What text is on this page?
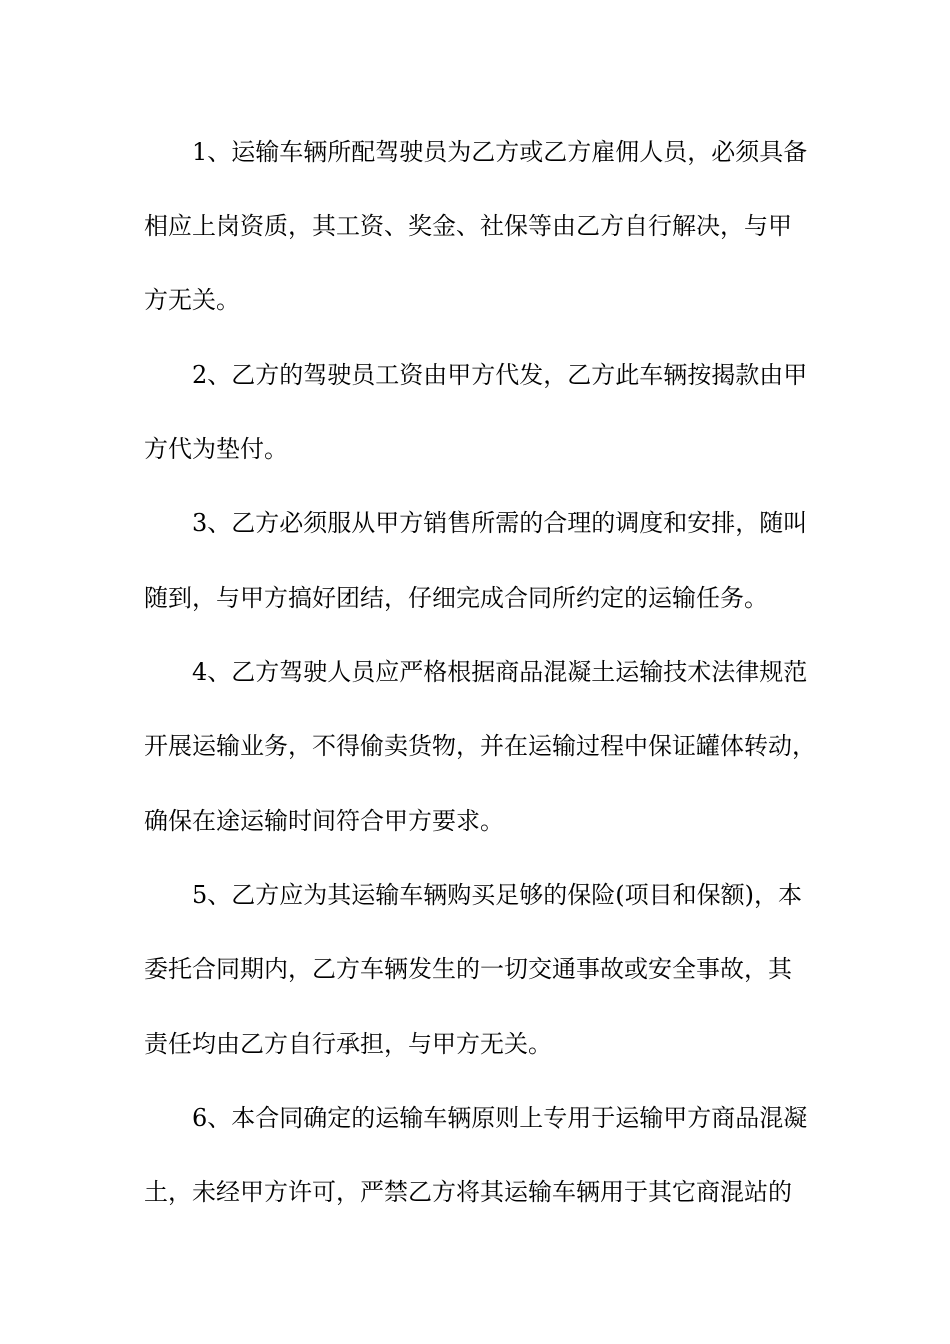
1、运输车辆所配驾驶员为乙方或乙方雇佣人员，必须具备
相应上岗资质，其工资、奖金、社保等由乙方自行解决，与甲
方无关。
2、乙方的驾驶员工资由甲方代发，乙方此车辆按揭款由甲
方代为垫付。
3、乙方必须服从甲方销售所需的合理的调度和安排，随叫
随到，与甲方搞好团结，仔细完成合同所约定的运输任务。
4、乙方驾驶人员应严格根据商品混凝土运输技术法律规范
开展运输业务，不得偷卖货物，并在运输过程中保证罐体转动，
确保在途运输时间符合甲方要求。
5、乙方应为其运输车辆购买足够的保险(项目和保额)，本
委托合同期内，乙方车辆发生的一切交通事故或安全事故，其
责任均由乙方自行承担，与甲方无关。
6、本合同确定的运输车辆原则上专用于运输甲方商品混凝
土，未经甲方许可，严禁乙方将其运输车辆用于其它商混站的
